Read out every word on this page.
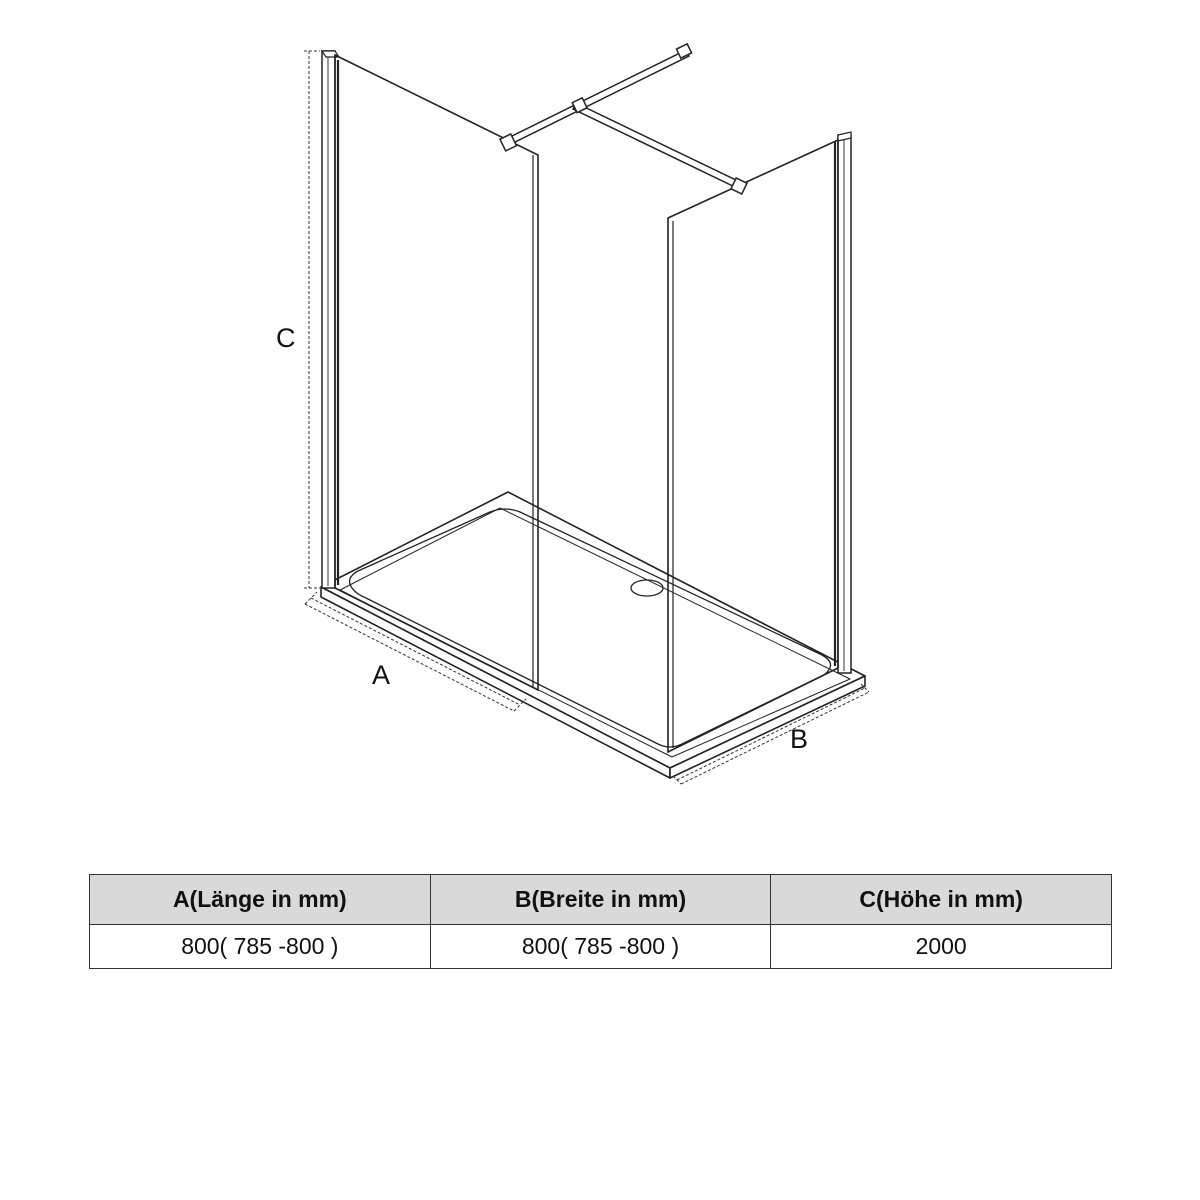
C
A
B
A(Länge in mm)	B(Breite in mm)	C(Höhe in mm)
800( 785 -800 )	800( 785 -800 )	2000
